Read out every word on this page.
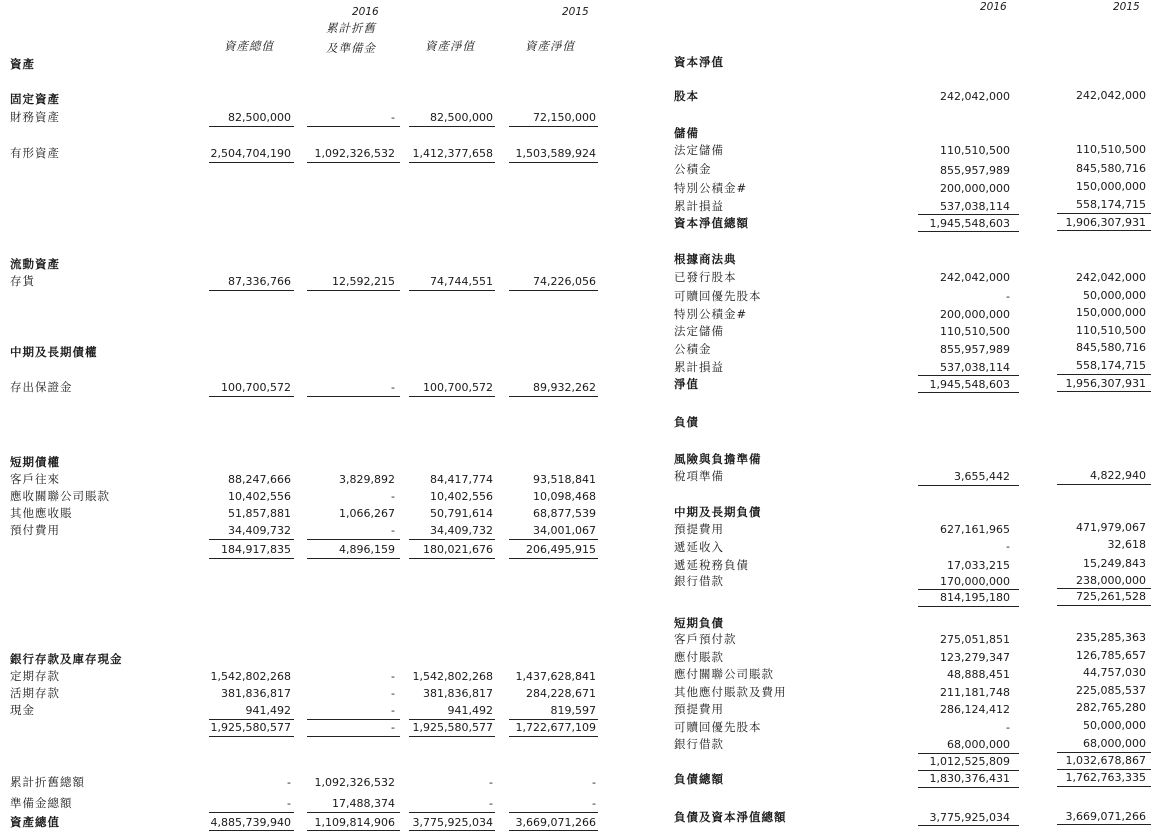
2016	2015
累計折舊
資產總值	及準備金	資產淨值	資產淨值
資產
固定資產
財務資產	82,500,000	-	82,500,000	72,150,000
有形資產	2,504,704,190 1,092,326,532 1,412,377,658 1,503,589,924
流動資產
存貨	87,336,766	12,592,215	74,744,551	74,226,056
中期及長期債權
存出保證金	100,700,572	-	100,700,572	89,932,262
短期債權
客戶往來	88,247,666	3,829,892	84,417,774	93,518,841
應收關聯公司賬款	10,402,556	-	10,402,556	10,098,468
其他應收賬	51,857,881	1,066,267	50,791,614	68,877,539
預付費用	34,409,732	-	34,409,732	34,001,067
184,917,835	4,896,159	180,021,676	206,495,915
銀行存款及庫存現金
定期存款	1,542,802,268	- 1,542,802,268 1,437,628,841
活期存款	381,836,817	-	381,836,817	284,228,671
現金	941,492	-	941,492	819,597
1,925,580,577	- 1,925,580,577 1,722,677,109
累計折舊總額	- 1,092,326,532	-	-
準備金總額	-	17,488,374	-	-
資產總值	4,885,739,940 1,109,814,906 3,775,925,034 3,669,071,266
2016	2015
資本淨值
股本	242,042,000	242,042,000
儲備
法定儲備	110,510,500	110,510,500
公積金	855,957,989	845,580,716
特別公積金#	200,000,000	150,000,000
累計損益	537,038,114	558,174,715
資本淨值總額	1,945,548,603	1,906,307,931
根據商法典
已發行股本	242,042,000	242,042,000
可贖回優先股本	-	50,000,000
特別公積金#	200,000,000	150,000,000
法定儲備	110,510,500	110,510,500
公積金	855,957,989	845,580,716
累計損益	537,038,114	558,174,715
淨值	1,945,548,603	1,956,307,931
負債
風險與負擔準備
稅項準備	3,655,442	4,822,940
中期及長期負債
預提費用	627,161,965	471,979,067
遞延收入	-	32,618
遞延稅務負債	17,033,215	15,249,843
銀行借款	170,000,000	238,000,000
814,195,180	725,261,528
短期負債
客戶預付款	275,051,851	235,285,363
應付賬款	123,279,347	126,785,657
應付關聯公司賬款	48,888,451	44,757,030
其他應付賬款及費用	211,181,748	225,085,537
預提費用	286,124,412	282,765,280
可贖回優先股本	-	50,000,000
銀行借款	68,000,000	68,000,000
1,012,525,809	1,032,678,867
負債總額	1,830,376,431	1,762,763,335
負債及資本淨值總額	3,775,925,034	3,669,071,266
